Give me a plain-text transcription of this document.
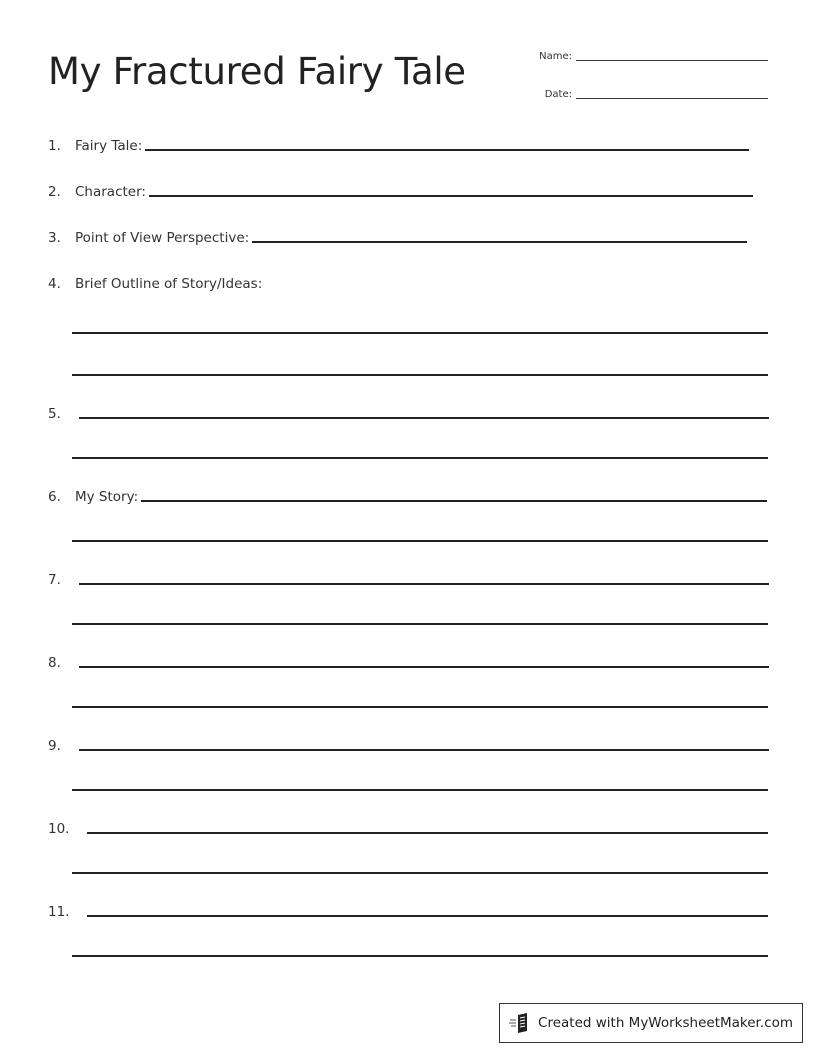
My Fractured Fairy Tale	Name:
Date:
1.	Fairy Tale:
2.	Character:
3.	Point of View Perspective:
4.	Brief Outline of Story/Ideas:
5.
6.	My Story:
7.
8.
9.
10.
11.
Created with MyWorksheetMaker.com
